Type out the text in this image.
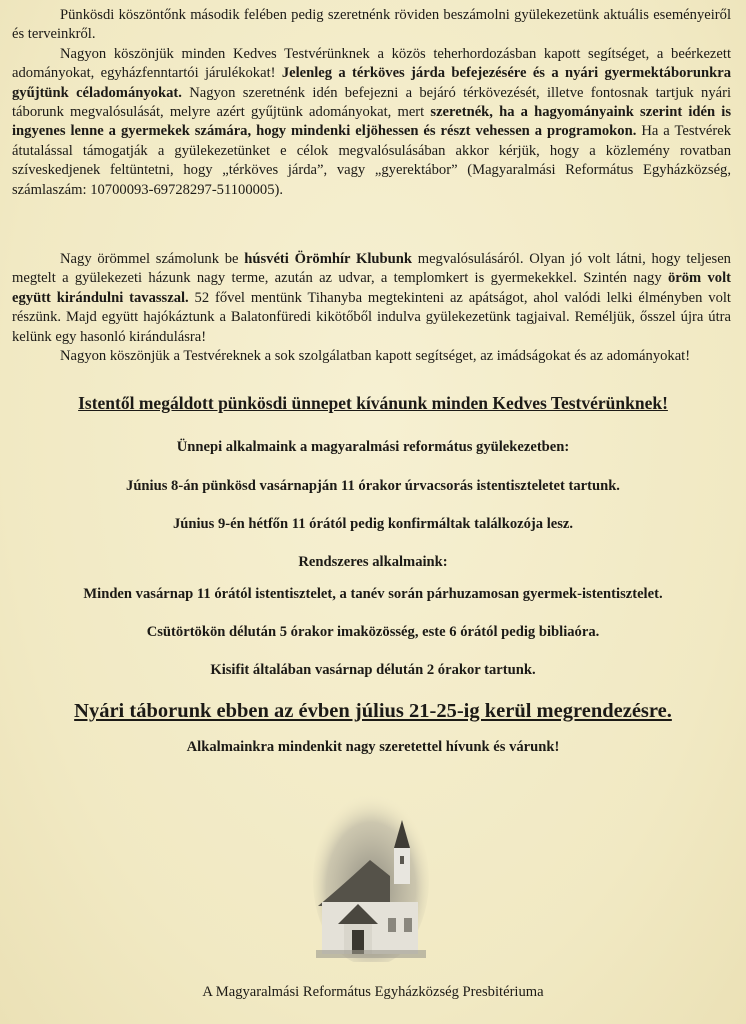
Pünkösdi köszöntőnk második felében pedig szeretnénk röviden beszámolni gyülekezetünk aktuális eseményeiről és terveinkről.

Nagyon köszönjük minden Kedves Testvérünknek a közös teherhordozásban kapott segítséget, a beérkezett adományokat, egyházfenntartói járulékokat! Jelenleg a térköves járda befejezésére és a nyári gyermektáborunkra gyűjtünk céladományokat. Nagyon szeretnénk idén befejezni a bejáró térkövezését, illetve fontosnak tartjuk nyári táborunk megvalósulását, melyre azért gyűjtünk adományokat, mert szeretnék, ha a hagyományaink szerint idén is ingyenes lenne a gyermekek számára, hogy mindenki eljöhessen és részt vehessen a programokon. Ha a Testvérek átutalással támogatják a gyülekezetünket e célok megvalósulásában akkor kérjük, hogy a közlemény rovatban szíveskedjenek feltüntetni, hogy „térköves járda”, vagy „gyerektábor” (Magyaralmási Református Egyházközség, számlaszám: 10700093-69728297-51100005).

Nagy örömmel számolunk be húsvéti Örömhír Klubunk megvalósulásáról. Olyan jó volt látni, hogy teljesen megtelt a gyülekezeti házunk nagy terme, azután az udvar, a templomkert is gyermekekkel. Szintén nagy öröm volt együtt kirándulni tavasszal. 52 fővel mentünk Tihanyba megtekinteni az apátságot, ahol valódi lelki élményben volt részünk. Majd együtt hajókáztunk a Balatonfüredi kikötőből indulva gyülekezetünk tagjaival. Reméljük, ősszel újra útra kelünk egy hasonló kirándulásra!

Nagyon köszönjük a Testvéreknek a sok szolgálatban kapott segítséget, az imádságokat és az adományokat!

Istentől megáldott pünkösdi ünnepet kívánunk minden Kedves Testvérünknek!
Ünnepi alkalmaink a magyaralmási református gyülekezetben:
Június 8-án pünkösd vasárnapján 11 órakor úrvacsorás istentiszteletet tartunk.
Június 9-én hétfőn 11 órától pedig konfirmáltak találkozója lesz.
Rendszeres alkalmaink:
Minden vasárnap 11 órától istentisztelet, a tanév során párhuzamosan gyermek-istentisztelet.
Csütörtökön délután 5 órakor imaközösség, este 6 órától pedig bibliaóra.
Kisifit általában vasárnap délután 2 órakor tartunk.
Nyári táborunk ebben az évben július 21-25-ig kerül megrendezésre.
Alkalmainkra mindenkit nagy szeretettel hívunk és várunk!
A Magyaralmási Református Egyházközség Presbitériuma
